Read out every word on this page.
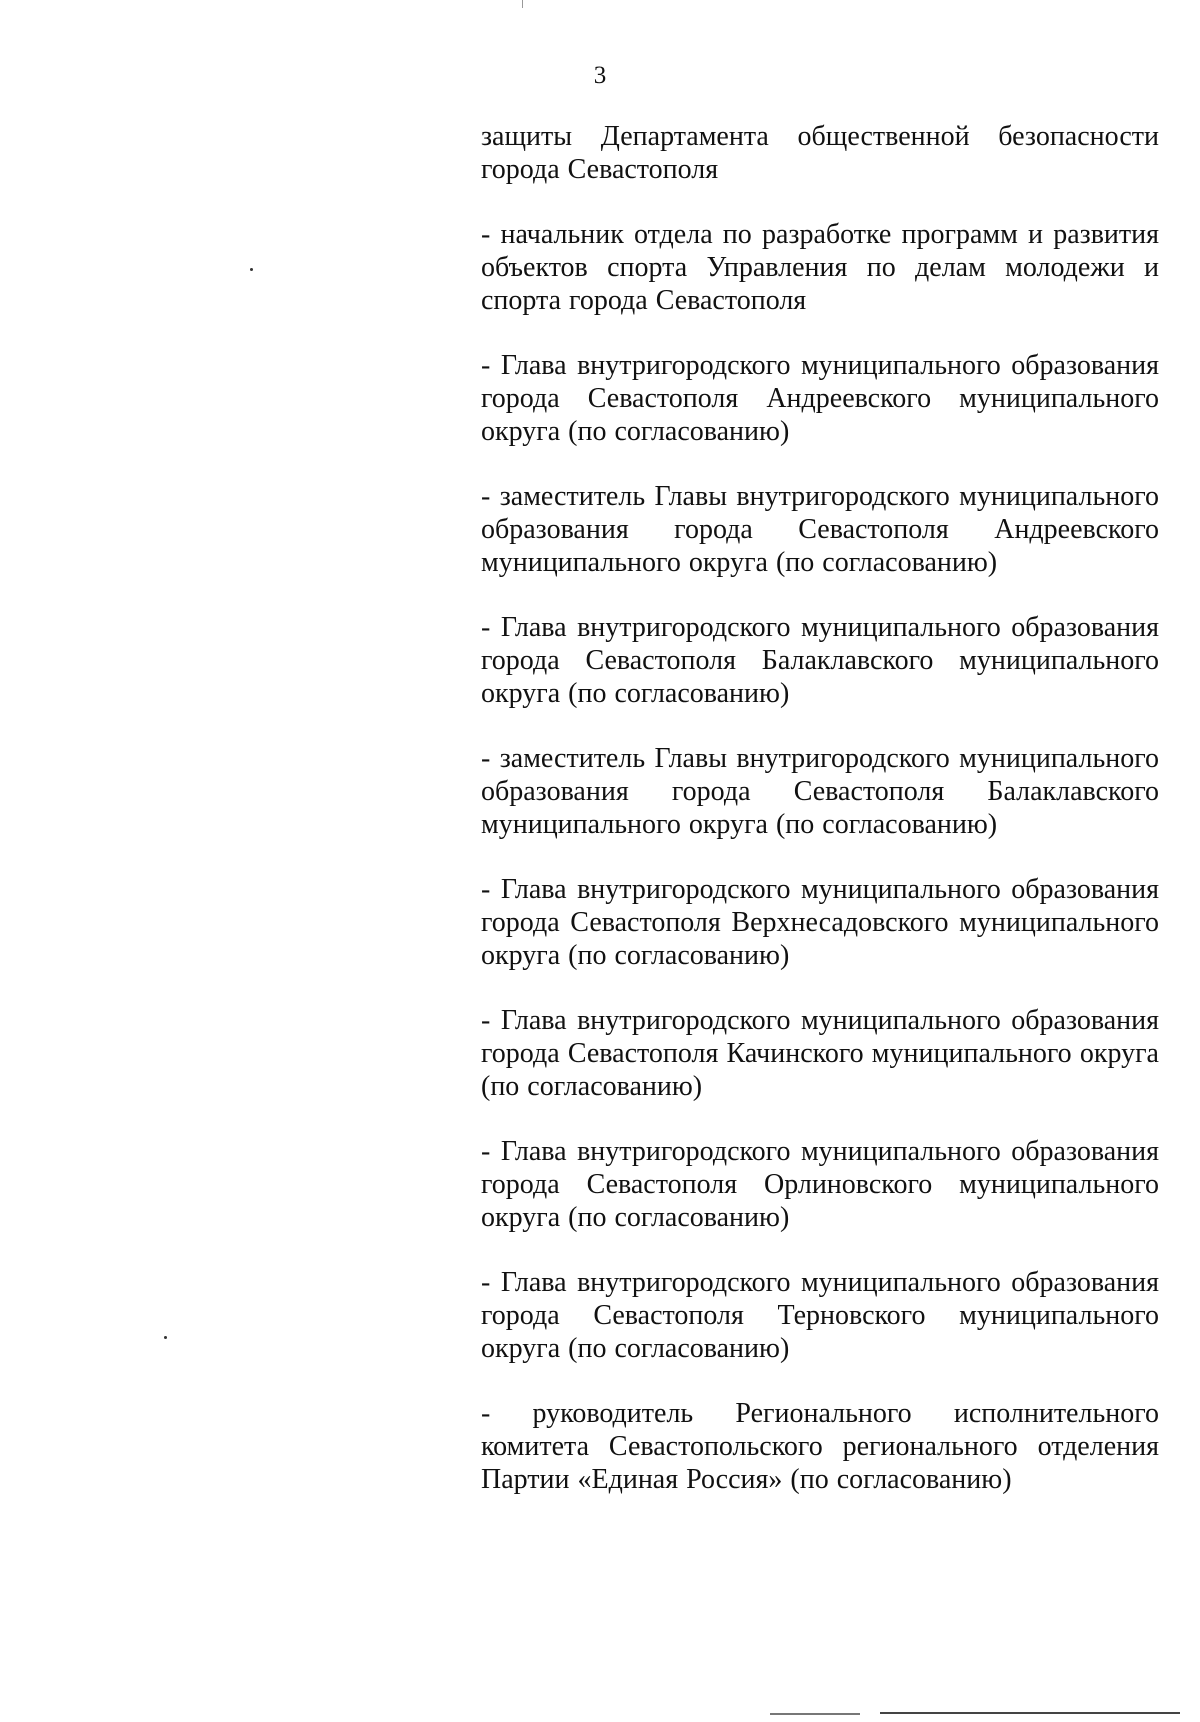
3

защиты Департамента общественной безопасности города Севастополя

- начальник отдела по разработке программ и развития объектов спорта Управления по делам молодежи и спорта города Севастополя

- Глава внутригородского муниципального образования города Севастополя Андреевского муниципального округа (по согласованию)

- заместитель Главы внутригородского муниципального образования города Севастополя Андреевского муниципального округа (по согласованию)

- Глава внутригородского муниципального образования города Севастополя Балаклавского муниципального округа (по согласованию)

- заместитель Главы внутригородского муниципального образования города Севастополя Балаклавского муниципального округа (по согласованию)

- Глава внутригородского муниципального образования города Севастополя Верхнесадовского муниципального округа (по согласованию)

- Глава внутригородского муниципального образования города Севастополя Качинского муниципального округа (по согласованию)

- Глава внутригородского муниципального образования города Севастополя Орлиновского муниципального округа (по согласованию)

- Глава внутригородского муниципального образования города Севастополя Терновского муниципального округа (по согласованию)

- руководитель Регионального исполнительного комитета Севастопольского регионального отделения Партии «Единая Россия» (по согласованию)
